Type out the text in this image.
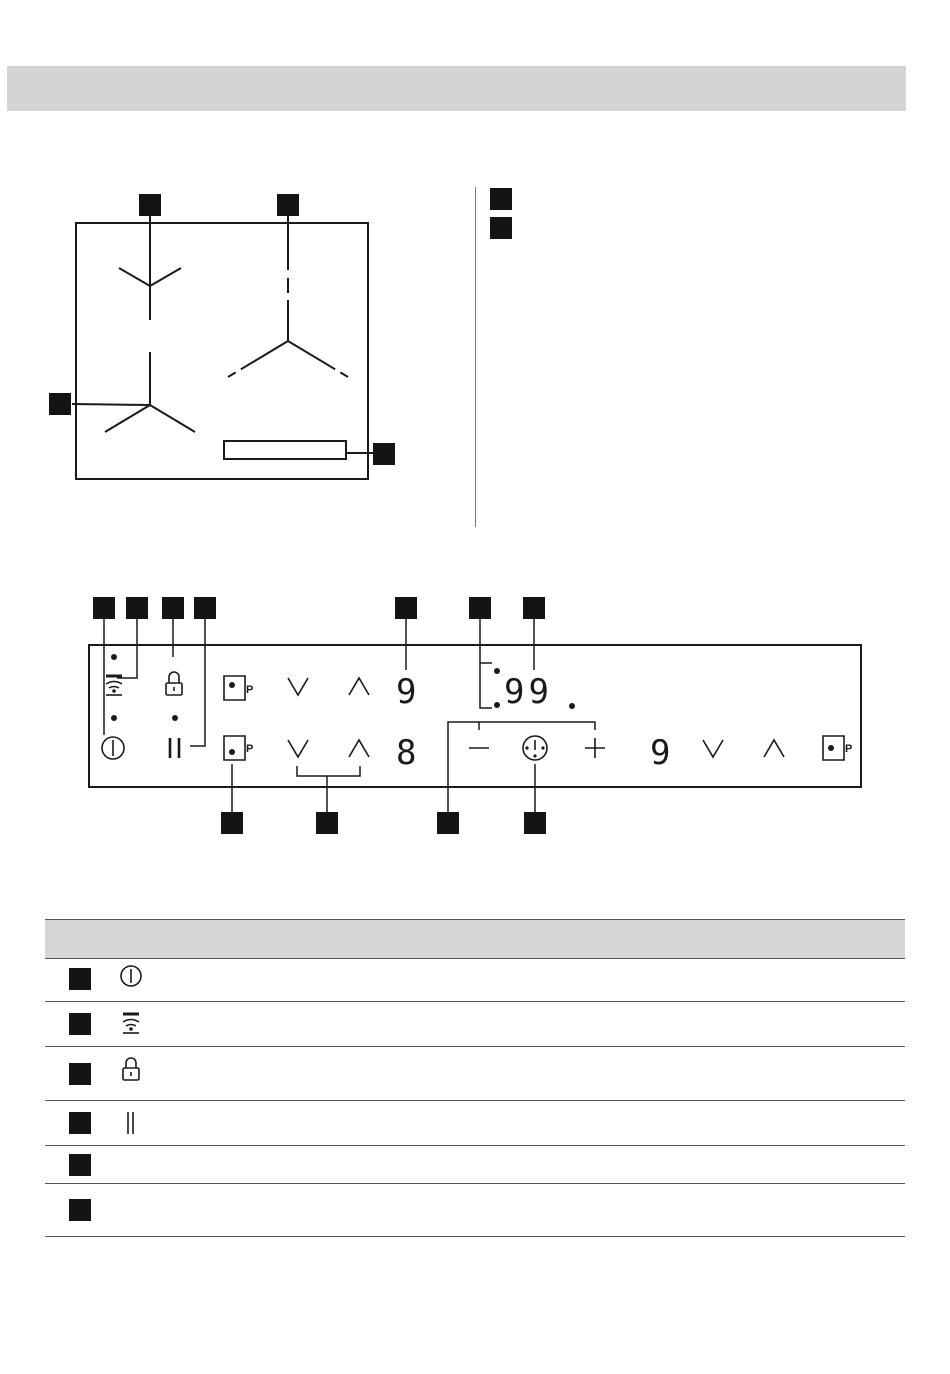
P
P	P
9
8	9
99
